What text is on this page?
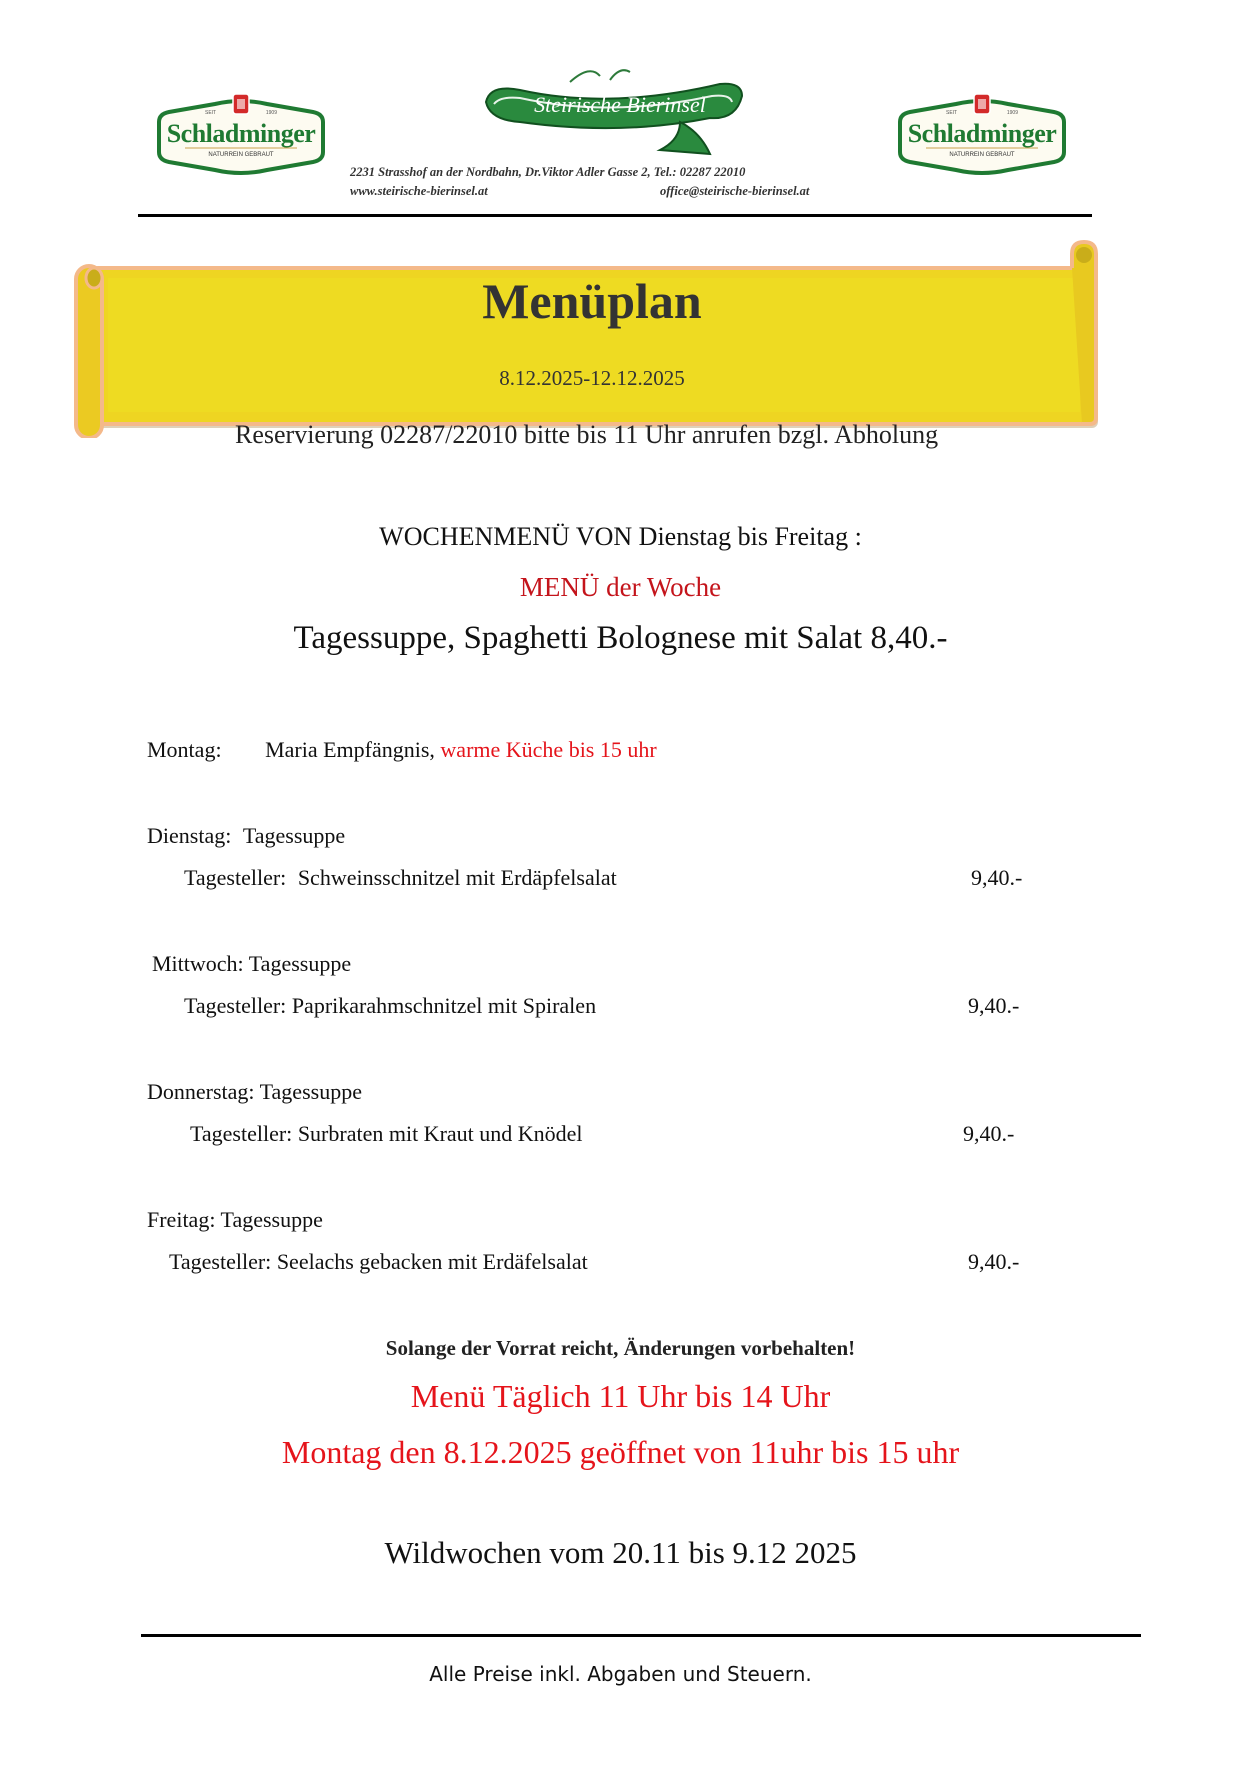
SEIT	1909
Schladminger
NATURREIN GEBRAUT
Steirische Bierinsel	SEIT	1909
Schladminger
NATURREIN GEBRAUT
2231 Strasshof an der Nordbahn, Dr.Viktor Adler Gasse 2, Tel.: 02287 22010
www.steirische-bierinsel.at	office@steirische-bierinsel.at
Menüplan
8.12.2025-12.12.2025
Reservierung 02287/22010 bitte bis 11 Uhr anrufen bzgl. Abholung
WOCHENMENÜ VON Dienstag bis Freitag :
MENÜ der Woche
Tagessuppe, Spaghetti Bolognese mit Salat 8,40.-
Montag: Maria Empfängnis, warme Küche bis 15 uhr
Dienstag: Tagessuppe
Tagesteller: Schweinsschnitzel mit Erdäpfelsalat	9,40.-
Mittwoch: Tagessuppe
Tagesteller: Paprikarahmschnitzel mit Spiralen	9,40.-
Donnerstag: Tagessuppe
Tagesteller: Surbraten mit Kraut und Knödel	9,40.-
Freitag: Tagessuppe
Tagesteller: Seelachs gebacken mit Erdäfelsalat	9,40.-
Solange der Vorrat reicht, Änderungen vorbehalten!
Menü Täglich 11 Uhr bis 14 Uhr
Montag den 8.12.2025 geöffnet von 11uhr bis 15 uhr
Wildwochen vom 20.11 bis 9.12 2025
Alle Preise inkl. Abgaben und Steuern.
